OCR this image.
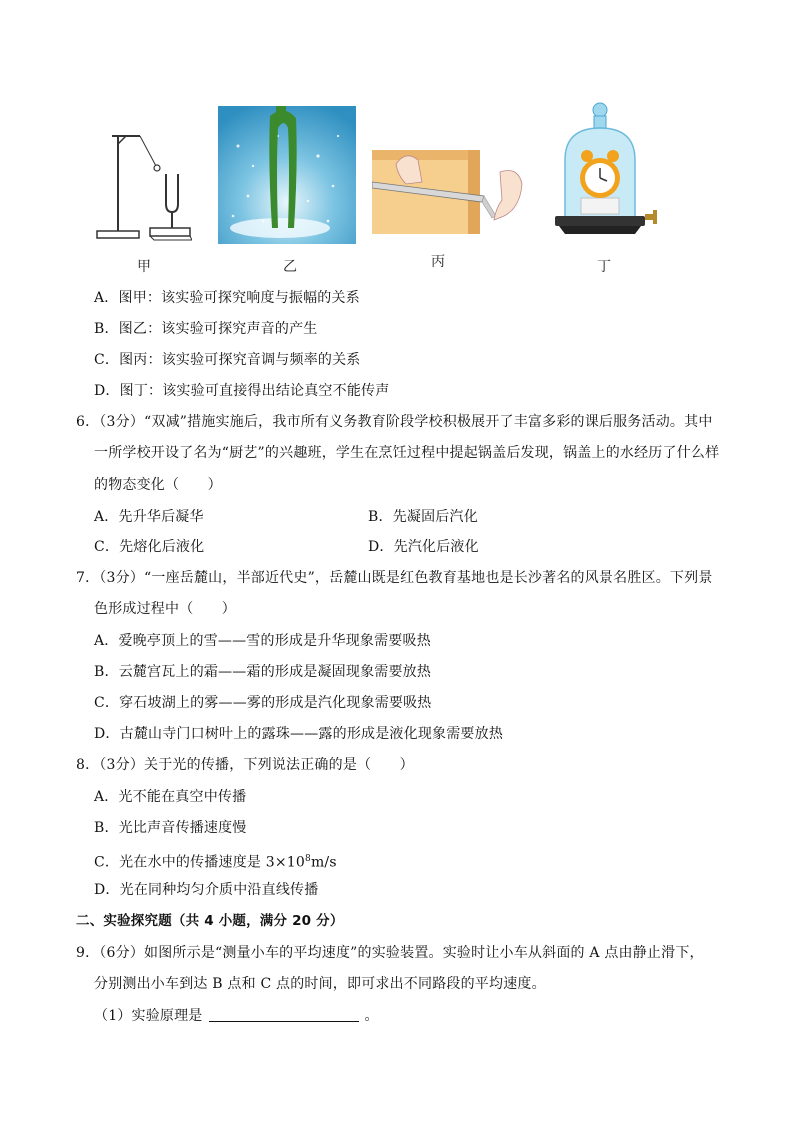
甲	乙	丙	丁
A．图甲：该实验可探究响度与振幅的关系
B．图乙：该实验可探究声音的产生
C．图丙：该实验可探究音调与频率的关系
D．图丁：该实验可直接得出结论真空不能传声
6．（3分）“双减”措施实施后，我市所有义务教育阶段学校积极展开了丰富多彩的课后服务活动。其中
一所学校开设了名为“厨艺”的兴趣班，学生在烹饪过程中提起锅盖后发现，锅盖上的水经历了什么样
的物态变化（　　）
A．先升华后凝华	B．先凝固后汽化
C．先熔化后液化	D．先汽化后液化
7．（3分）“一座岳麓山，半部近代史”，岳麓山既是红色教育基地也是长沙著名的风景名胜区。下列景
色形成过程中（　　）
A．爱晚亭顶上的雪——雪的形成是升华现象需要吸热
B．云麓宫瓦上的霜——霜的形成是凝固现象需要放热
C．穿石坡湖上的雾——雾的形成是汽化现象需要吸热
D．古麓山寺门口树叶上的露珠——露的形成是液化现象需要放热
8．（3分）关于光的传播，下列说法正确的是（　　）
A．光不能在真空中传播
B．光比声音传播速度慢
C．光在水中的传播速度是 $3\times 10^8m/s$
D．光在同种均匀介质中沿直线传播
二、实验探究题（共 4 小题，满分 20 分）
9．（6分）如图所示是“测量小车的平均速度”的实验装置。实验时让小车从斜面的 A 点由静止滑下，
分别测出小车到达 B 点和 C 点的时间，即可求出不同路段的平均速度。
（1）实验原理是	。
